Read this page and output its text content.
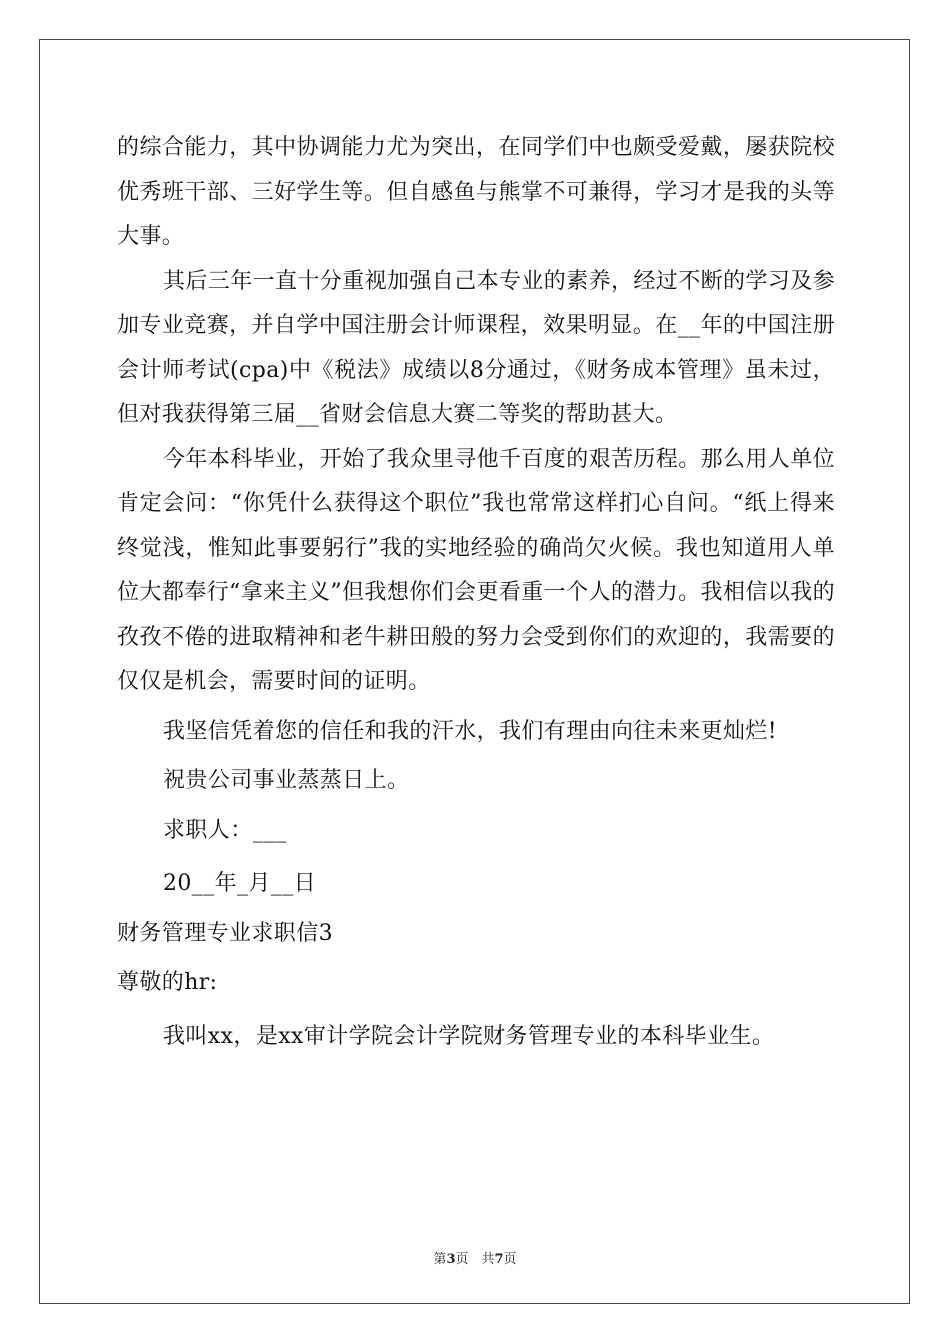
的综合能力，其中协调能力尤为突出，在同学们中也颇受爱戴，屡获院校优秀班干部、三好学生等。但自感鱼与熊掌不可兼得，学习才是我的头等大事。

其后三年一直十分重视加强自己本专业的素养，经过不断的学习及参加专业竞赛，并自学中国注册会计师课程，效果明显。在__年的中国注册会计师考试(cpa)中《税法》成绩以8分通过，《财务成本管理》虽未过，但对我获得第三届__省财会信息大赛二等奖的帮助甚大。

今年本科毕业，开始了我众里寻他千百度的艰苦历程。那么用人单位肯定会问：“你凭什么获得这个职位”我也常常这样扪心自问。“纸上得来终觉浅，惟知此事要躬行”我的实地经验的确尚欠火候。我也知道用人单位大都奉行“拿来主义”但我想你们会更看重一个人的潜力。我相信以我的孜孜不倦的进取精神和老牛耕田般的努力会受到你们的欢迎的，我需要的仅仅是机会，需要时间的证明。

我坚信凭着您的信任和我的汗水，我们有理由向往未来更灿烂!

祝贵公司事业蒸蒸日上。

求职人：___

20__年_月__日

财务管理专业求职信3

尊敬的hr:

我叫xx，是xx审计学院会计学院财务管理专业的本科毕业生。

第3页　共7页
